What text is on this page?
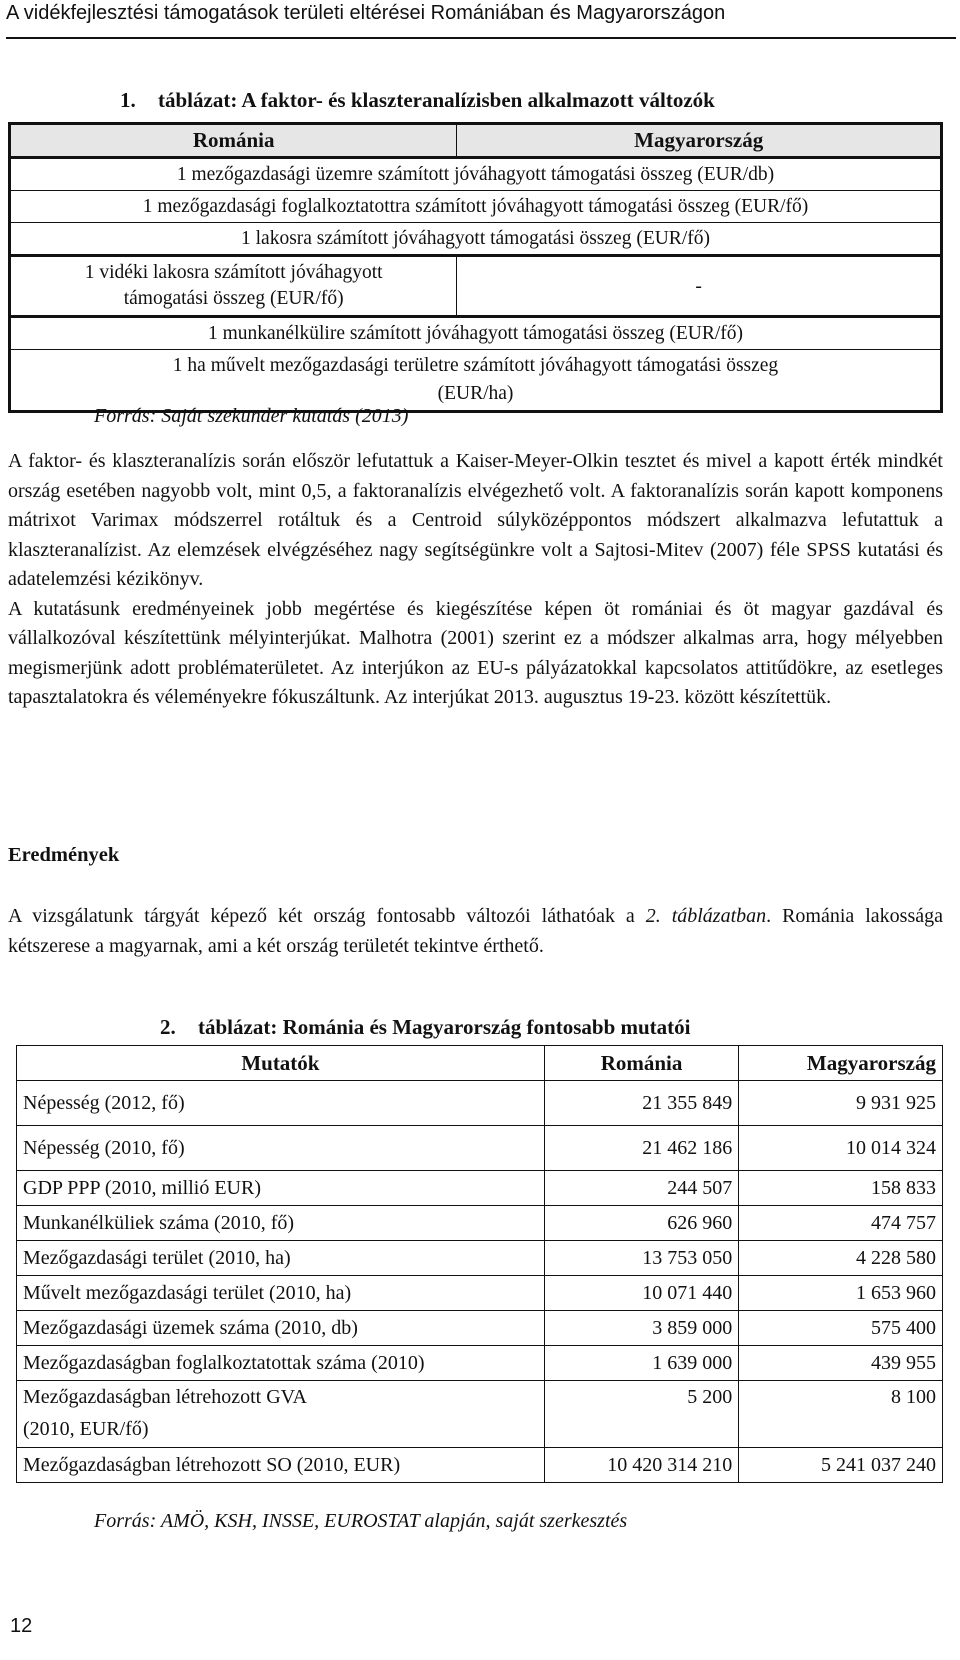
A vidékfejlesztési támogatások területi eltérései Romániában és Magyarországon
1. táblázat: A faktor- és klaszteranalízisben alkalmazott változók
Románia	Magyarország
1 mezőgazdasági üzemre számított jóváhagyott támogatási összeg (EUR/db)	
1 mezőgazdasági foglalkoztatottra számított jóváhagyott támogatási összeg (EUR/fő)	
1 lakosra számított jóváhagyott támogatási összeg (EUR/fő)	

1 vidéki lakosra számított jóváhagyott
támogatási összeg (EUR/fő)	-
1 munkanélkülire számított jóváhagyott támogatási összeg (EUR/fő)	

1 ha művelt mezőgazdasági területre számított jóváhagyott támogatási összeg
(EUR/ha)	
Forrás: Saját szekunder kutatás (2013)

A faktor- és klaszteranalízis során először lefutattuk a Kaiser-Meyer-Olkin tesztet és mivel a kapott érték mindkét ország esetében nagyobb volt, mint 0,5, a faktoranalízis elvégezhető volt. A faktoranalízis során kapott komponens mátrixot Varimax módszerrel rotáltuk és a Centroid súlyközéppontos módszert alkalmazva lefutattuk a klaszteranalízist. Az elemzések elvégzéséhez nagy segítségünkre volt a Sajtosi-Mitev (2007) féle SPSS kutatási és adatelemzési kézikönyv.

A kutatásunk eredményeinek jobb megértése és kiegészítése képen öt romániai és öt magyar gazdával és vállalkozóval készítettünk mélyinterjúkat. Malhotra (2001) szerint ez a módszer alkalmas arra, hogy mélyebben megismerjünk adott problématerületet. Az interjúkon az EU-s pályázatokkal kapcsolatos attitűdökre, az esetleges tapasztalatokra és véleményekre fókuszáltunk. Az interjúkat 2013. augusztus 19-23. között készítettük.

Eredmények

A vizsgálatunk tárgyát képező két ország fontosabb változói láthatóak a 2. táblázatban. Románia lakossága kétszerese a magyarnak, ami a két ország területét tekintve érthető.

2. táblázat: Románia és Magyarország fontosabb mutatói
Mutatók	Románia	Magyarország
Népesség (2012, fő)	21 355 849	9 931 925
Népesség (2010, fő)	21 462 186	10 014 324
GDP PPP (2010, millió EUR)	244 507	158 833
Munkanélküliek száma (2010, fő)	626 960	474 757
Mezőgazdasági terület (2010, ha)	13 753 050	4 228 580
Művelt mezőgazdasági terület (2010, ha)	10 071 440	1 653 960
Mezőgazdasági üzemek száma (2010, db)	3 859 000	575 400
Mezőgazdaságban foglalkoztatottak száma (2010)	1 639 000	439 955

Mezőgazdaságban létrehozott GVA
(2010, EUR/fő)	5 200	8 100
Mezőgazdaságban létrehozott SO (2010, EUR)	10 420 314 210	5 241 037 240
Forrás: AMÖ, KSH, INSSE, EUROSTAT alapján, saját szerkesztés
12
